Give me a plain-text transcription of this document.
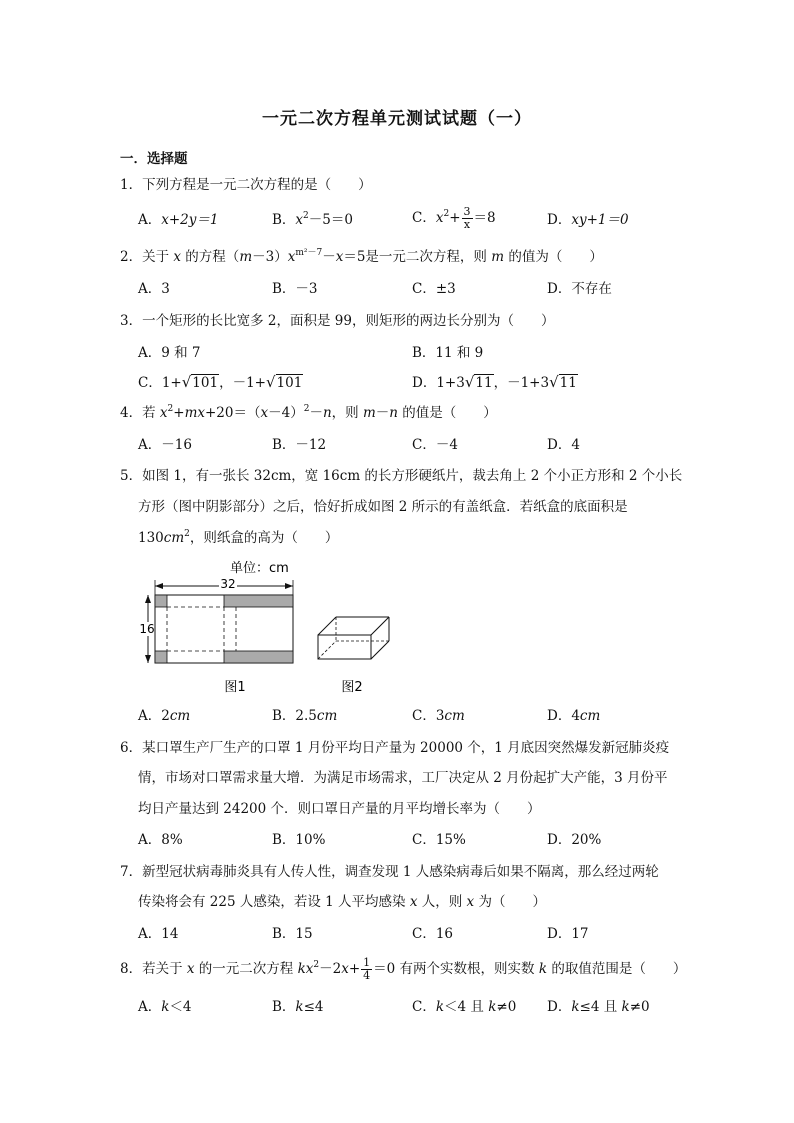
一元二次方程单元测试试题（一）
一．选择题
1．下列方程是一元二次方程的是（　　）
A．x+2y＝1	B．$x^2-5=0$	C．$x^2+ \frac{3}{x} =8$	D．xy+1＝0
2．关于 x 的方程$(m-3)x^{m^2-7}-x=5$是一元二次方程，则 m 的值为（　　）
A．3	B．－3	C．±3	D．不存在
3．一个矩形的长比宽多 2，面积是 99，则矩形的两边长分别为（　　）
A．9 和 7	B．11 和 9
C．1+√101，－1+√101	D．1+3√11，－1+3√11
4．若 $x^2+mx+20=(x-4)^2-n$，则 m－n 的值是（　　）
A．－16	B．－12	C．－4	D．4
5．如图 1，有一张长 32cm，宽 16cm 的长方形硬纸片，裁去角上 2 个小正方形和 2 个小长
方形（图中阴影部分）之后，恰好折成如图 2 所示的有盖纸盒．若纸盒的底面积是
$130cm^2$，则纸盒的高为（　　）
单位：cm
32
16
图1	图2
A．2cm	B．2.5cm	C．3cm	D．4cm
6．某口罩生产厂生产的口罩 1 月份平均日产量为 20000 个，1 月底因突然爆发新冠肺炎疫
情，市场对口罩需求量大增．为满足市场需求，工厂决定从 2 月份起扩大产能，3 月份平
均日产量达到 24200 个．则口罩日产量的月平均增长率为（　　）
A．8%	B．10%	C．15%	D．20%
7．新型冠状病毒肺炎具有人传人性，调查发现 1 人感染病毒后如果不隔离，那么经过两轮
传染将会有 225 人感染，若设 1 人平均感染 x 人，则 x 为（　　）
A．14	B．15	C．16	D．17
8．若关于 x 的一元二次方程 $kx^2-2x+ \frac{1}{4} =0$ 有两个实数根，则实数 k 的取值范围是（　　）
A．k＜4	B．k≤4	C．k＜4 且 k≠0 D．k≤4 且 k≠0
